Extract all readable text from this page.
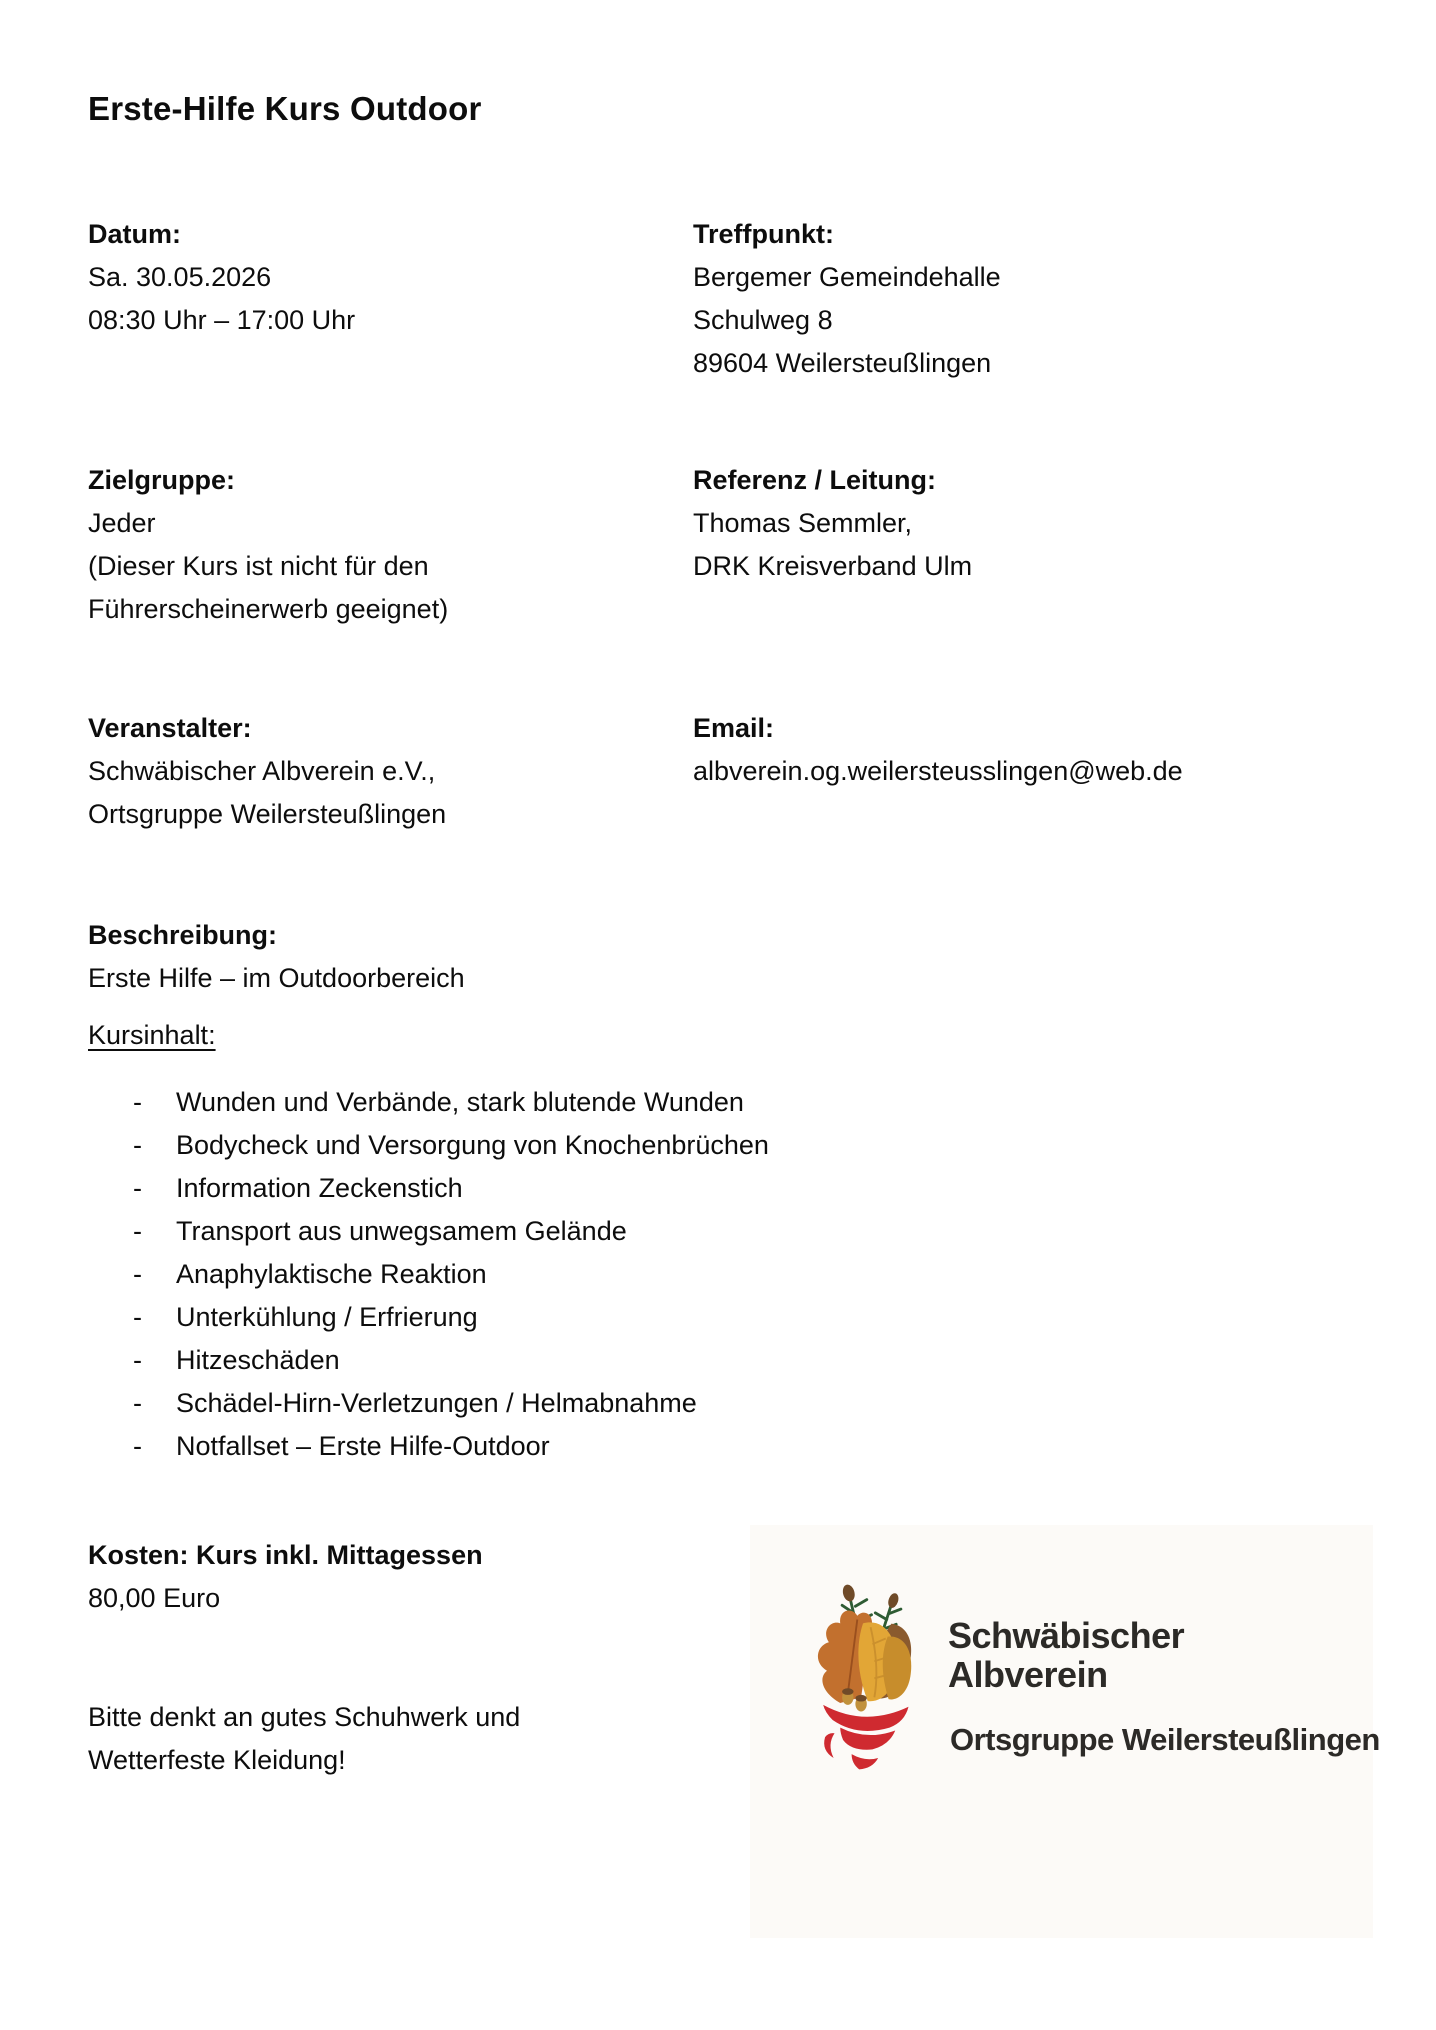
Erste-Hilfe Kurs Outdoor
Datum:
Sa. 30.05.2026
08:30 Uhr – 17:00 Uhr
Treffpunkt:
Bergemer Gemeindehalle
Schulweg 8
89604 Weilersteußlingen
Zielgruppe:
Jeder
(Dieser Kurs ist nicht für den
Führerscheinerwerb geeignet)
Referenz / Leitung:
Thomas Semmler,
DRK Kreisverband Ulm
Veranstalter:
Schwäbischer Albverein e.V.,
Ortsgruppe Weilersteußlingen
Email:
albverein.og.weilersteusslingen@web.de
Beschreibung:
Erste Hilfe – im Outdoorbereich
Kursinhalt:
-	Wunden und Verbände, stark blutende Wunden
-	Bodycheck und Versorgung von Knochenbrüchen
-	Information Zeckenstich
-	Transport aus unwegsamem Gelände
-	Anaphylaktische Reaktion
-	Unterkühlung / Erfrierung
-	Hitzeschäden
-	Schädel-Hirn-Verletzungen / Helmabnahme
-	Notfallset – Erste Hilfe-Outdoor
Kosten: Kurs inkl. Mittagessen
80,00 Euro
Bitte denkt an gutes Schuhwerk und
Wetterfeste Kleidung!
Schwäbischer
Albverein
Ortsgruppe Weilersteußlingen
